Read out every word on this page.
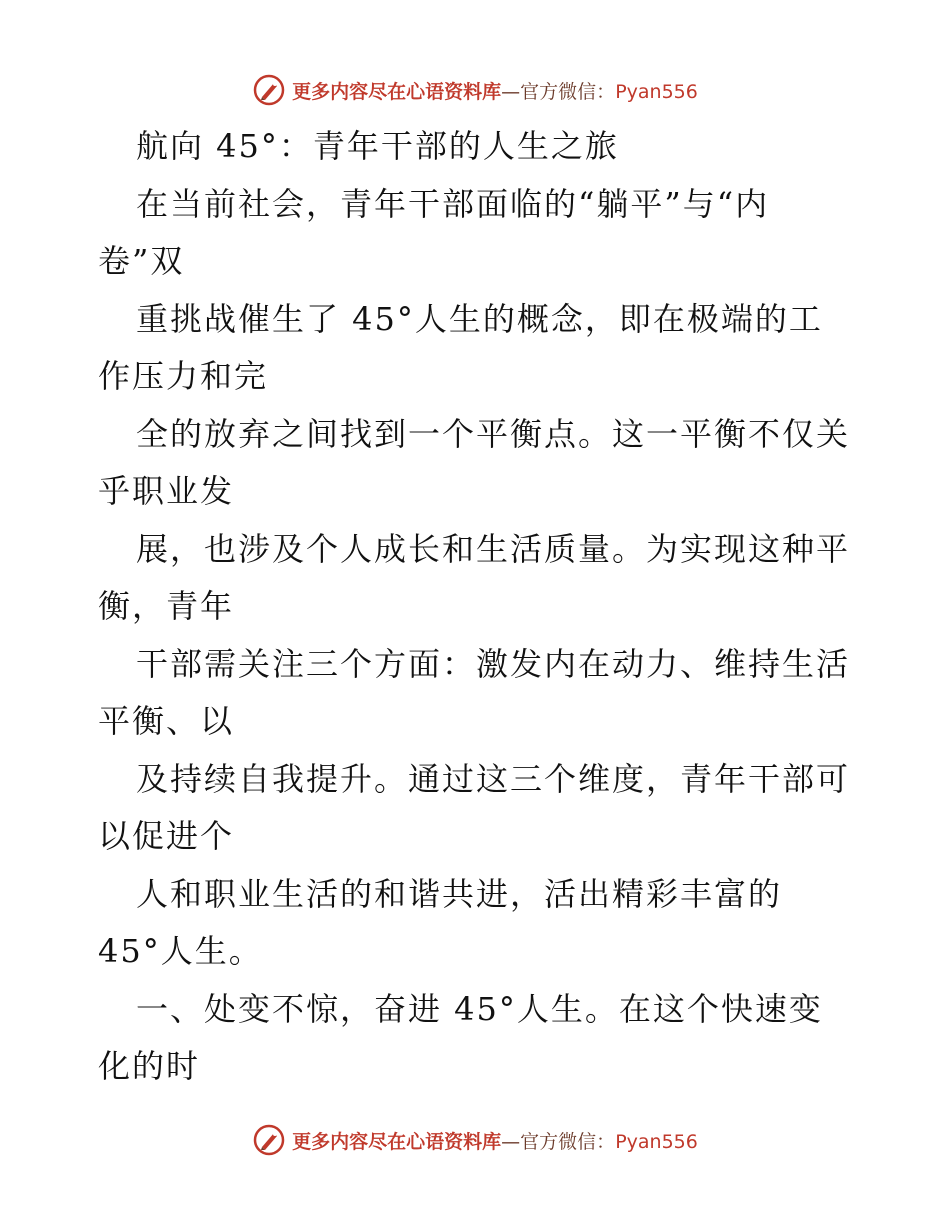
更多内容尽在心语资料库—官方微信：Pyan556
航向 45°：青年干部的人生之旅
在当前社会，青年干部面临的“躺平”与“内
卷”双
重挑战催生了 45°人生的概念，即在极端的工
作压力和完
全的放弃之间找到一个平衡点。这一平衡不仅关
乎职业发
展，也涉及个人成长和生活质量。为实现这种平
衡，青年
干部需关注三个方面：激发内在动力、维持生活
平衡、以
及持续自我提升。通过这三个维度，青年干部可
以促进个
人和职业生活的和谐共进，活出精彩丰富的
45°人生。
一、处变不惊，奋进 45°人生。在这个快速变
化的时
更多内容尽在心语资料库—官方微信：Pyan556
